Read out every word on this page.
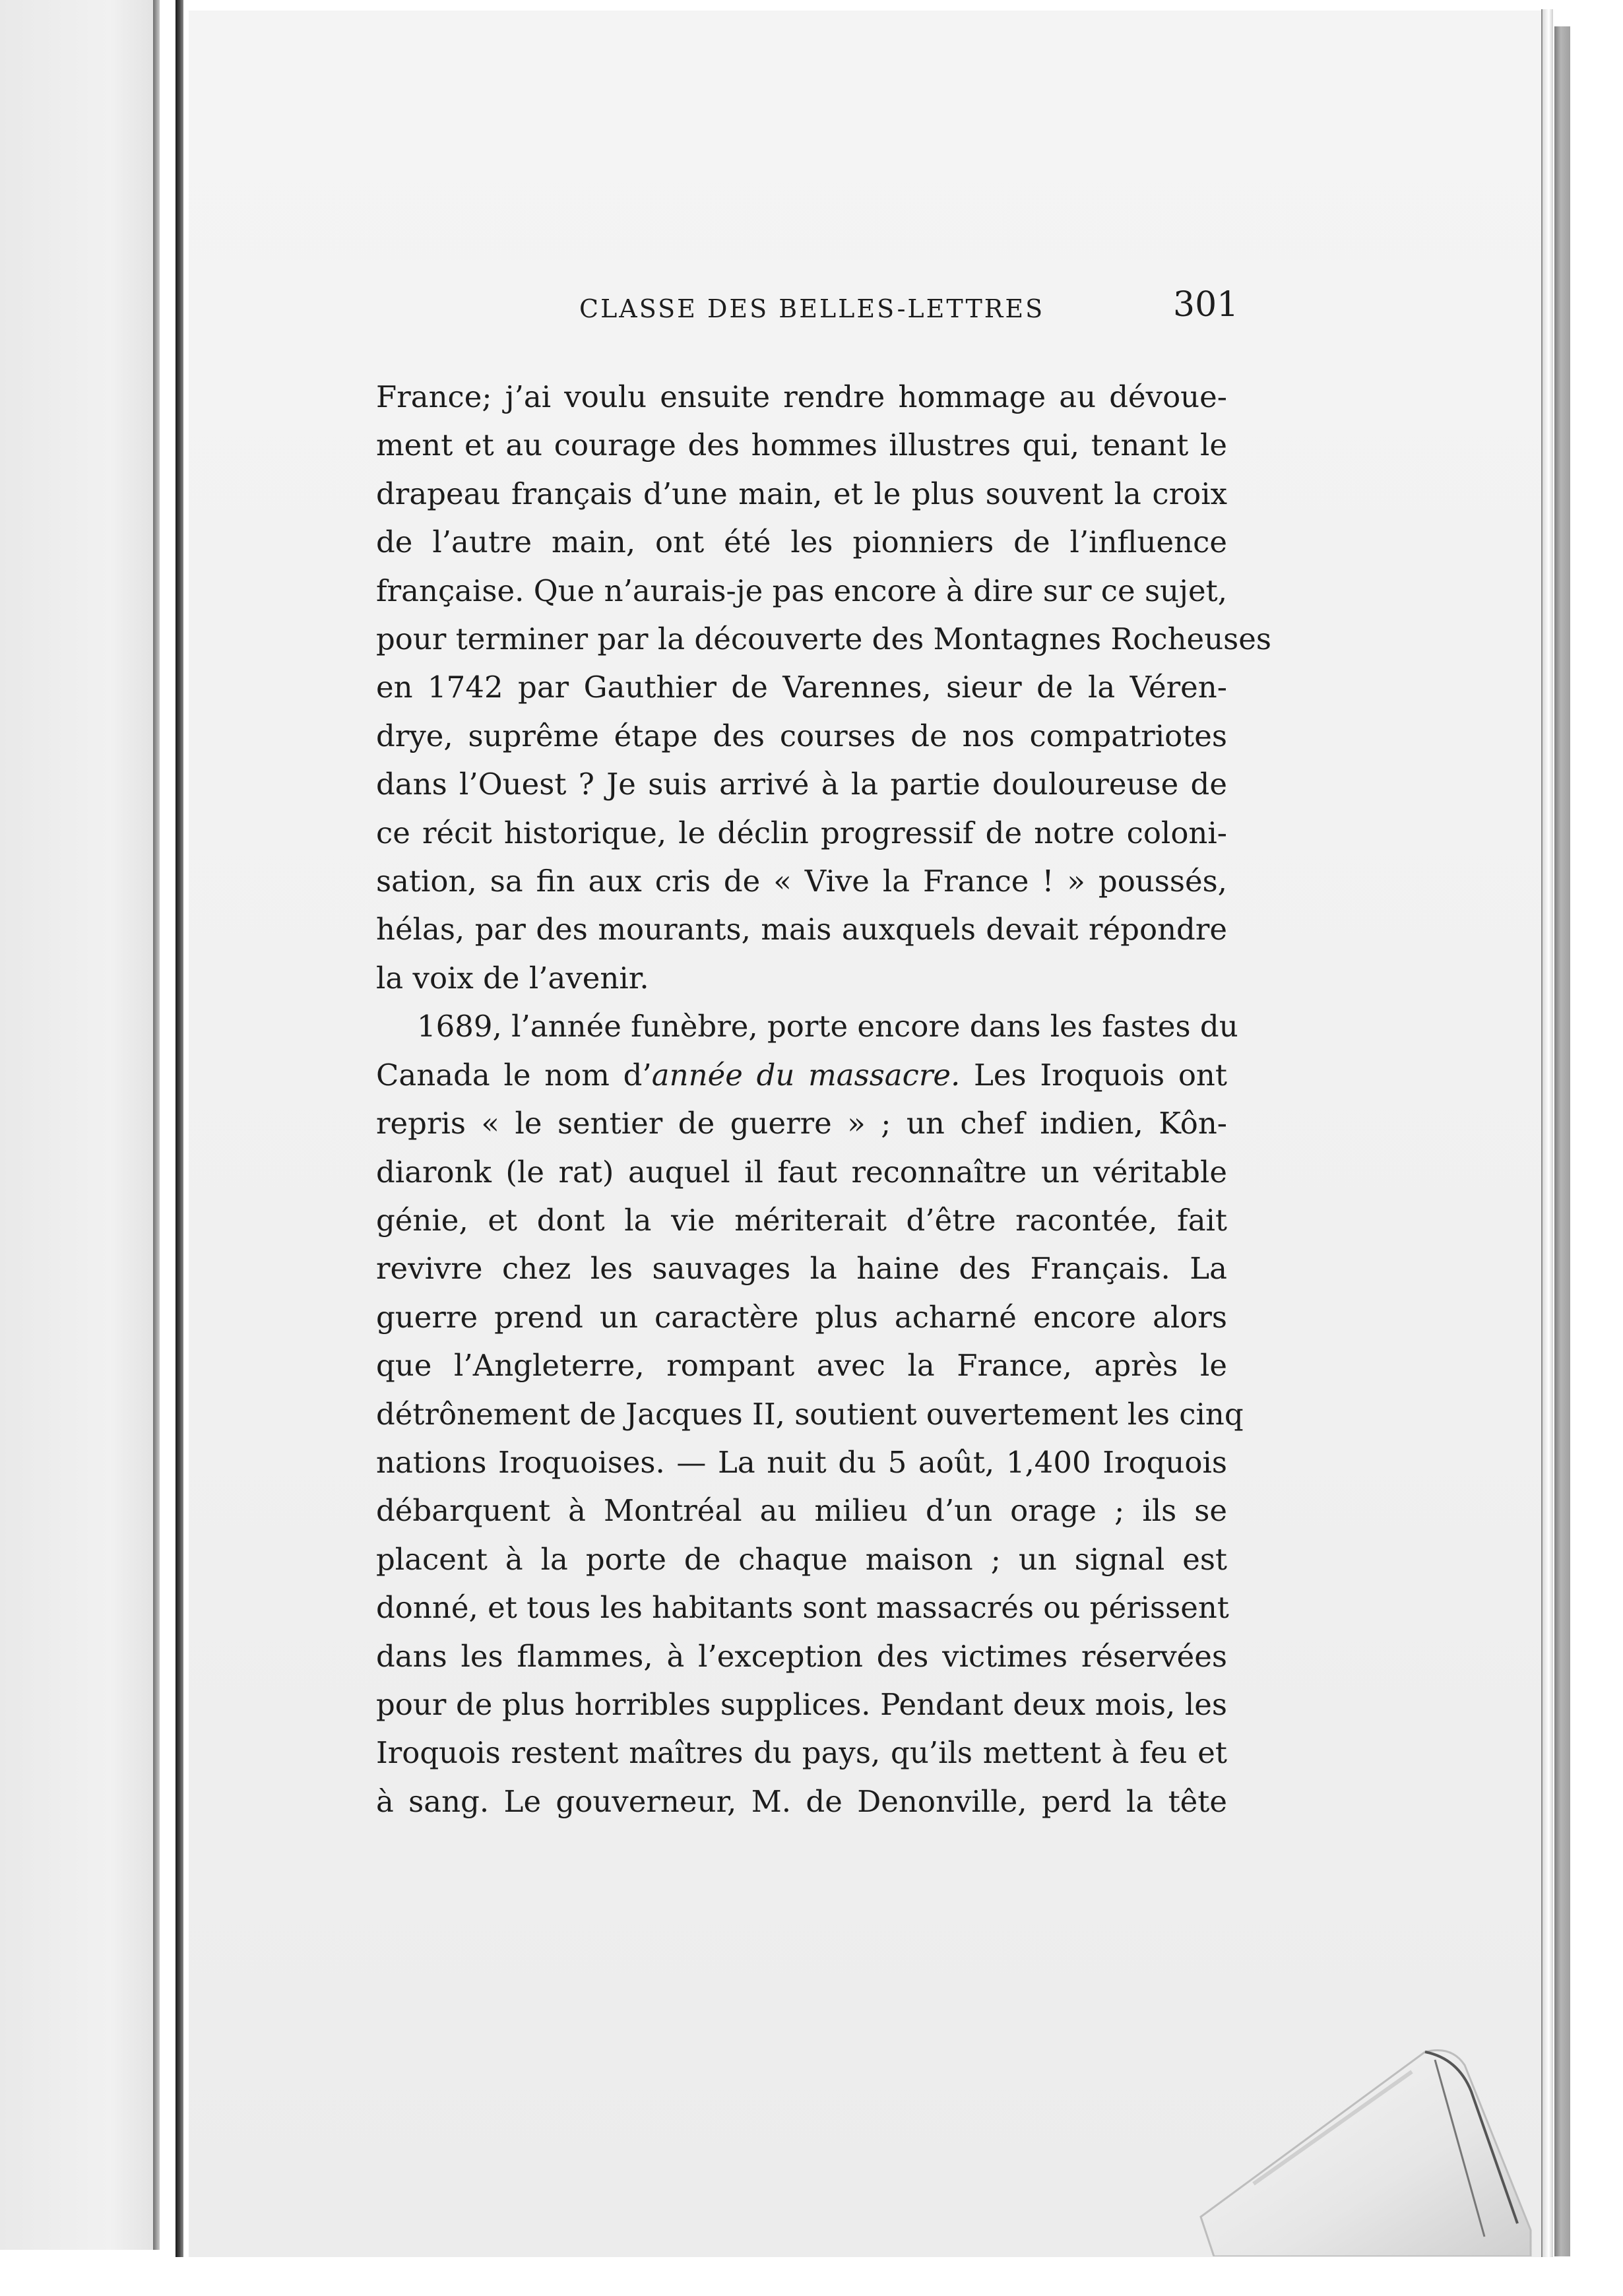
CLASSE DES BELLES-LETTRES	301
France; j’ai voulu ensuite rendre hommage au dévoue-
ment et au courage des hommes illustres qui, tenant le
drapeau français d’une main, et le plus souvent la croix
de l’autre main, ont été les pionniers de l’influence
française. Que n’aurais-je pas encore à dire sur ce sujet,
pour terminer par la découverte des Montagnes Rocheuses
en 1742 par Gauthier de Varennes, sieur de la Véren-
drye, suprême étape des courses de nos compatriotes
dans l’Ouest ? Je suis arrivé à la partie douloureuse de
ce récit historique, le déclin progressif de notre coloni-
sation, sa fin aux cris de « Vive la France ! » poussés,
hélas, par des mourants, mais auxquels devait répondre
la voix de l’avenir.
1689, l’année funèbre, porte encore dans les fastes du
Canada le nom d’année du massacre. Les Iroquois ont
repris « le sentier de guerre » ; un chef indien, Kôn-
diaronk (le rat) auquel il faut reconnaître un véritable
génie, et dont la vie mériterait d’être racontée, fait
revivre chez les sauvages la haine des Français. La
guerre prend un caractère plus acharné encore alors
que l’Angleterre, rompant avec la France, après le
détrônement de Jacques II, soutient ouvertement les cinq
nations Iroquoises. — La nuit du 5 août, 1,400 Iroquois
débarquent à Montréal au milieu d’un orage ; ils se
placent à la porte de chaque maison ; un signal est
donné, et tous les habitants sont massacrés ou périssent
dans les flammes, à l’exception des victimes réservées
pour de plus horribles supplices. Pendant deux mois, les
Iroquois restent maîtres du pays, qu’ils mettent à feu et
à sang. Le gouverneur, M. de Denonville, perd la tête
